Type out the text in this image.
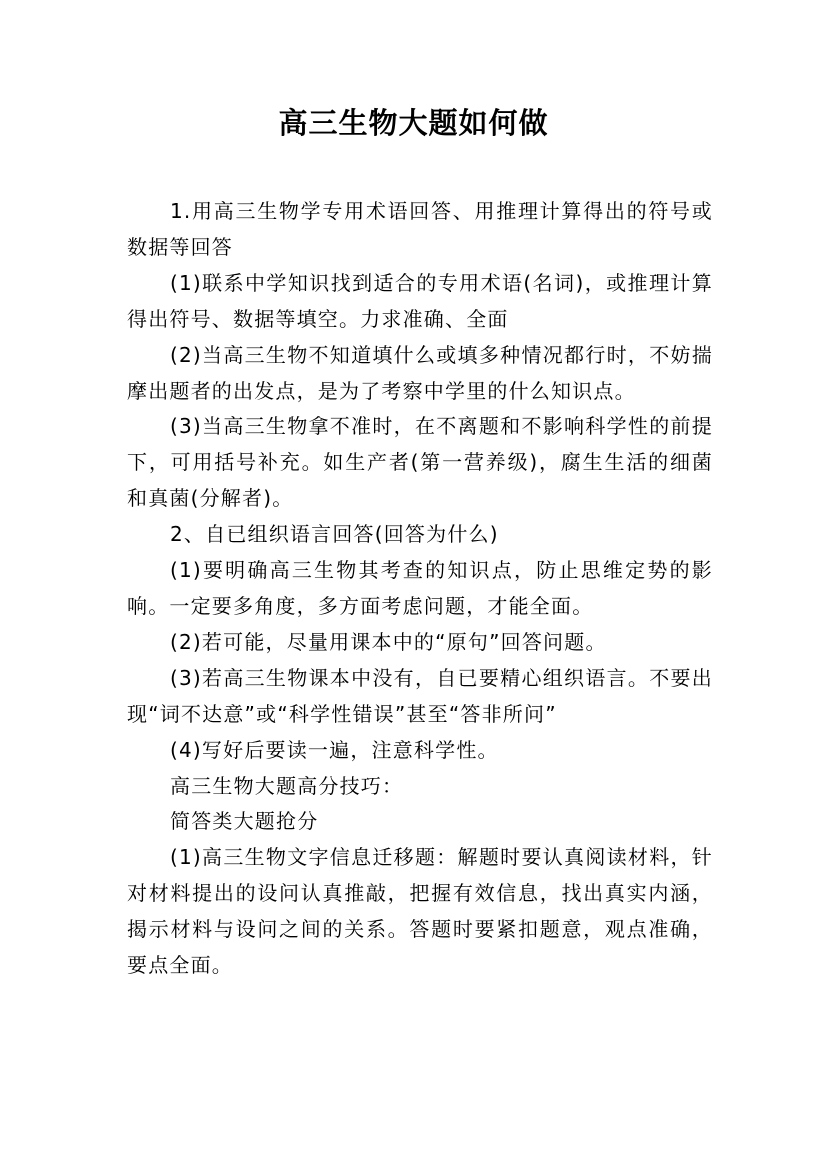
高三生物大题如何做

1.用高三生物学专用术语回答、用推理计算得出的符号或数据等回答

(1)联系中学知识找到适合的专用术语(名词)，或推理计算得出符号、数据等填空。力求准确、全面

(2)当高三生物不知道填什么或填多种情况都行时，不妨揣摩出题者的出发点，是为了考察中学里的什么知识点。

(3)当高三生物拿不准时，在不离题和不影响科学性的前提下，可用括号补充。如生产者(第一营养级)，腐生生活的细菌和真菌(分解者)。

2、自已组织语言回答(回答为什么)

(1)要明确高三生物其考查的知识点，防止思维定势的影响。一定要多角度，多方面考虑问题，才能全面。

(2)若可能，尽量用课本中的“原句”回答问题。

(3)若高三生物课本中没有，自已要精心组织语言。不要出现“词不达意”或“科学性错误”甚至“答非所问”

(4)写好后要读一遍，注意科学性。

高三生物大题高分技巧：

简答类大题抢分

(1)高三生物文字信息迁移题：解题时要认真阅读材料，针对材料提出的设问认真推敲，把握有效信息，找出真实内涵，揭示材料与设问之间的关系。答题时要紧扣题意，观点准确，要点全面。
